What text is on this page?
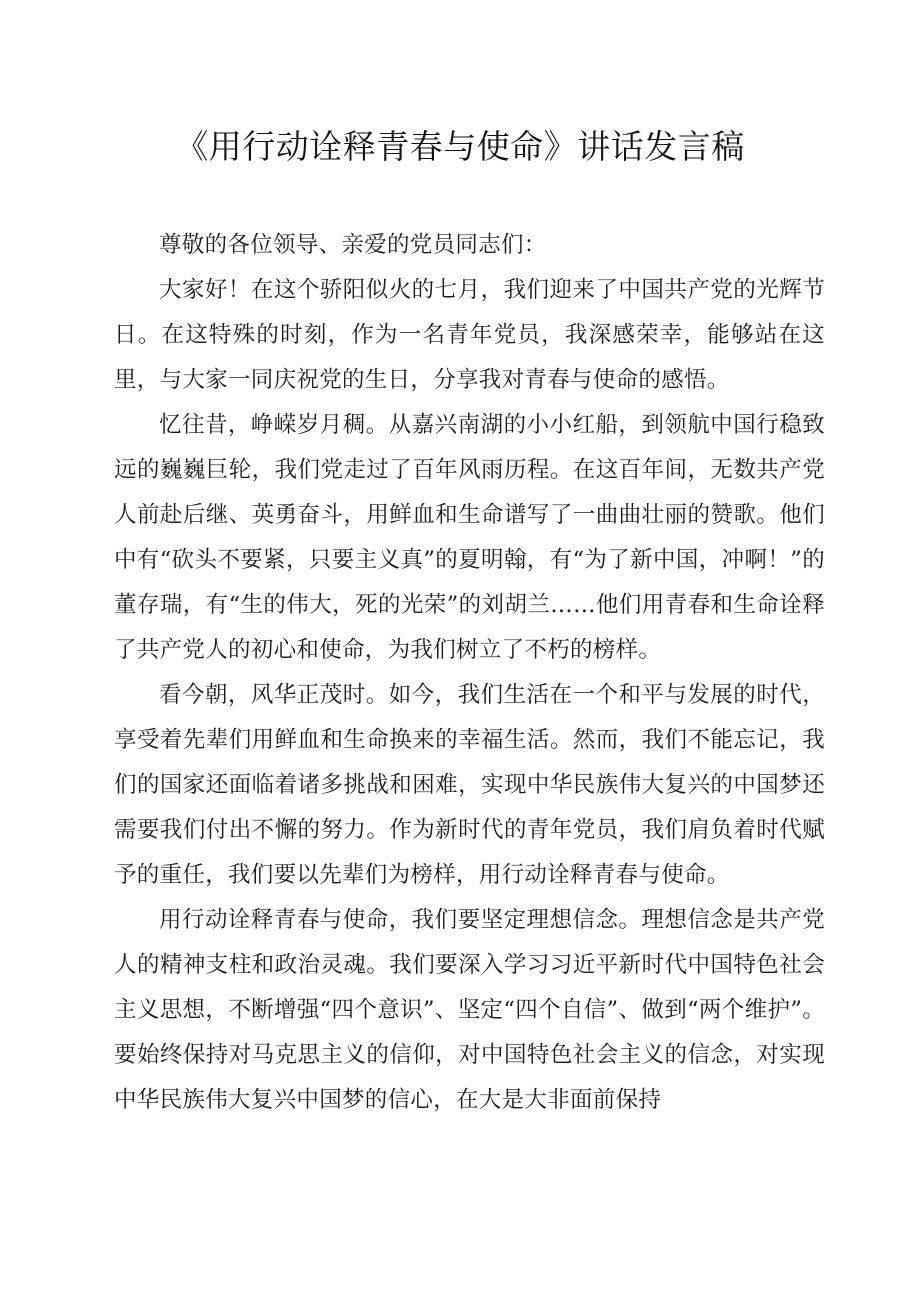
《用行动诠释青春与使命》讲话发言稿

尊敬的各位领导、亲爱的党员同志们：

大家好！在这个骄阳似火的七月，我们迎来了中国共产党的光辉节日。在这特殊的时刻，作为一名青年党员，我深感荣幸，能够站在这里，与大家一同庆祝党的生日，分享我对青春与使命的感悟。

忆往昔，峥嵘岁月稠。从嘉兴南湖的小小红船，到领航中国行稳致远的巍巍巨轮，我们党走过了百年风雨历程。在这百年间，无数共产党人前赴后继、英勇奋斗，用鲜血和生命谱写了一曲曲壮丽的赞歌。他们中有“砍头不要紧，只要主义真”的夏明翰，有“为了新中国，冲啊！”的董存瑞，有“生的伟大，死的光荣”的刘胡兰……他们用青春和生命诠释了共产党人的初心和使命，为我们树立了不朽的榜样。

看今朝，风华正茂时。如今，我们生活在一个和平与发展的时代，享受着先辈们用鲜血和生命换来的幸福生活。然而，我们不能忘记，我们的国家还面临着诸多挑战和困难，实现中华民族伟大复兴的中国梦还需要我们付出不懈的努力。作为新时代的青年党员，我们肩负着时代赋予的重任，我们要以先辈们为榜样，用行动诠释青春与使命。

用行动诠释青春与使命，我们要坚定理想信念。理想信念是共产党人的精神支柱和政治灵魂。我们要深入学习习近平新时代中国特色社会主义思想，不断增强“四个意识”、坚定“四个自信”、做到“两个维护”。要始终保持对马克思主义的信仰，对中国特色社会主义的信念，对实现中华民族伟大复兴中国梦的信心，在大是大非面前保持
